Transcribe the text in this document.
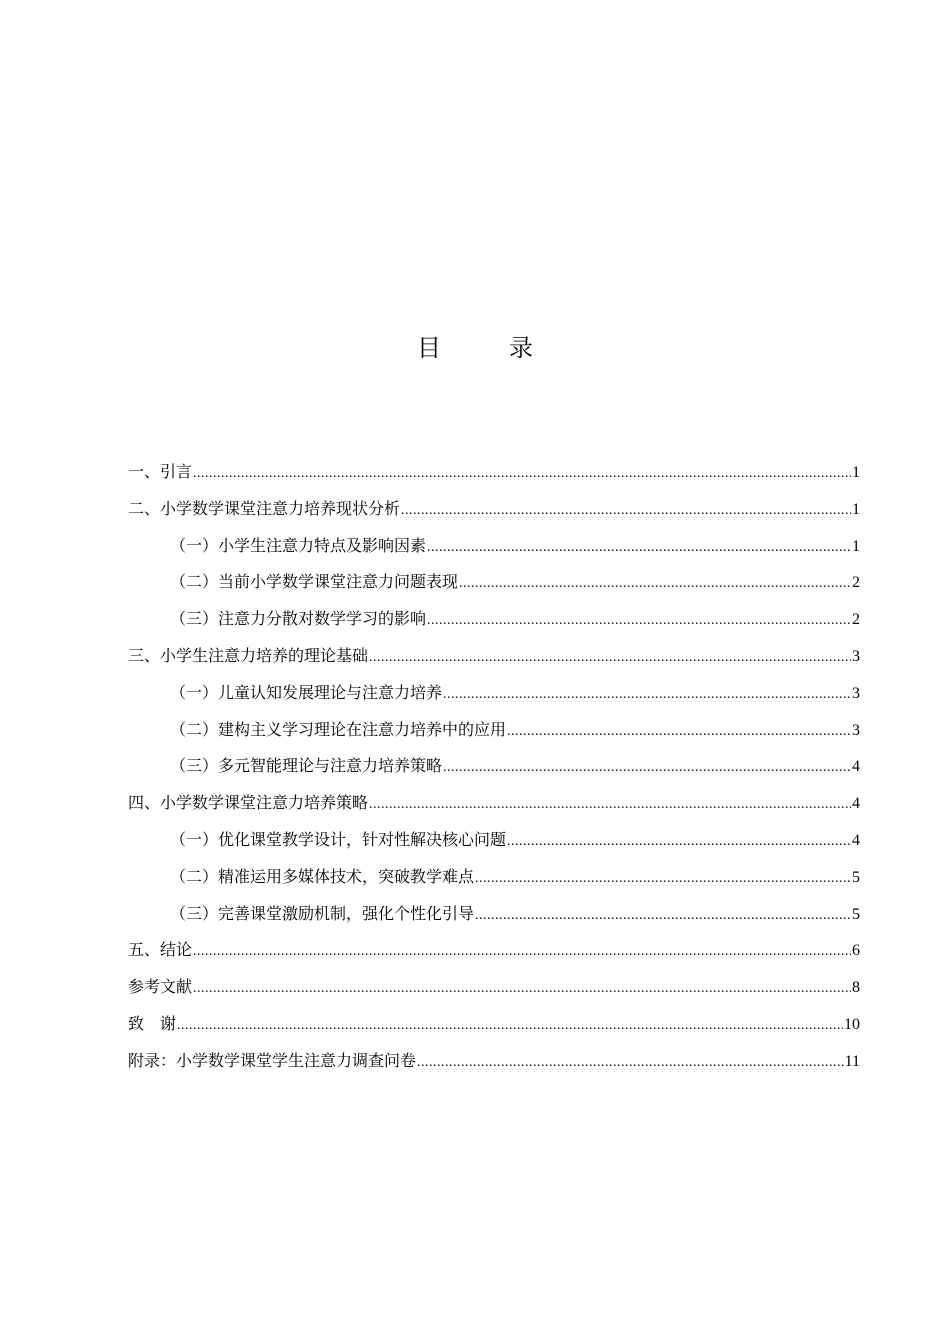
目　录
一、引言 .....	1
二、小学数学课堂注意力培养现状分析 .....	1
（一）小学生注意力特点及影响因素 .....	1
（二）当前小学数学课堂注意力问题表现 .....	2
（三）注意力分散对数学学习的影响 .....	2
三、小学生注意力培养的理论基础 .....	3
（一）儿童认知发展理论与注意力培养 .....	3
（二）建构主义学习理论在注意力培养中的应用 .....	3
（三）多元智能理论与注意力培养策略 .....	4
四、小学数学课堂注意力培养策略 .....	4
（一）优化课堂教学设计，针对性解决核心问题 .....	4
（二）精准运用多媒体技术，突破教学难点 .....	5
（三）完善课堂激励机制，强化个性化引导 .....	5
五、结论 .....	6
参考文献 .....	8
致　谢 .....	10
附录：小学数学课堂学生注意力调查问卷 .....	11
